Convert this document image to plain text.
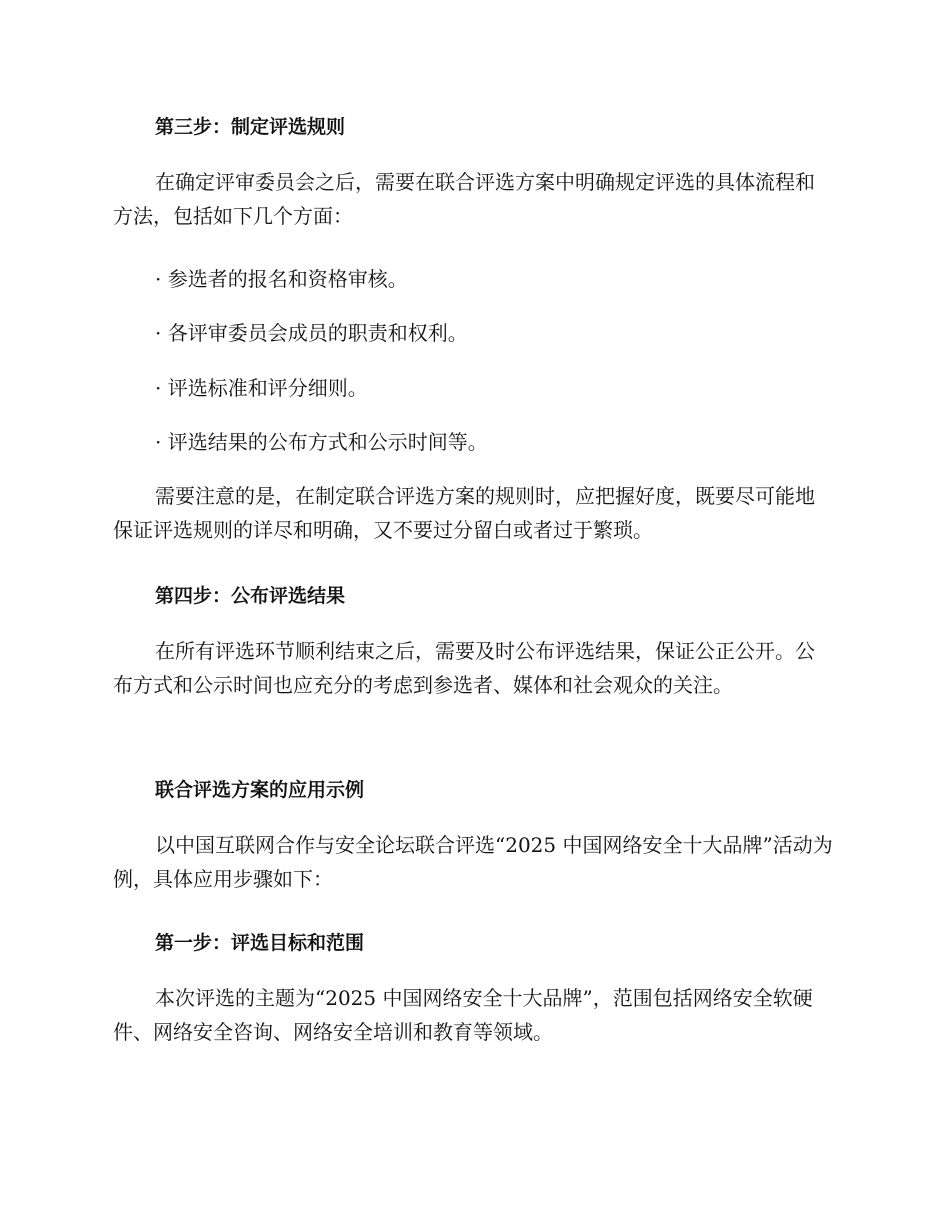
第三步：制定评选规则

在确定评审委员会之后，需要在联合评选方案中明确规定评选的具体流程和方法，包括如下几个方面：

· 参选者的报名和资格审核。

· 各评审委员会成员的职责和权利。

· 评选标准和评分细则。

· 评选结果的公布方式和公示时间等。

需要注意的是，在制定联合评选方案的规则时，应把握好度，既要尽可能地保证评选规则的详尽和明确，又不要过分留白或者过于繁琐。

第四步：公布评选结果

在所有评选环节顺利结束之后，需要及时公布评选结果，保证公正公开。公布方式和公示时间也应充分的考虑到参选者、媒体和社会观众的关注。

联合评选方案的应用示例

以中国互联网合作与安全论坛联合评选“2025 中国网络安全十大品牌”活动为例，具体应用步骤如下：

第一步：评选目标和范围

本次评选的主题为“2025 中国网络安全十大品牌”，范围包括网络安全软硬件、网络安全咨询、网络安全培训和教育等领域。
